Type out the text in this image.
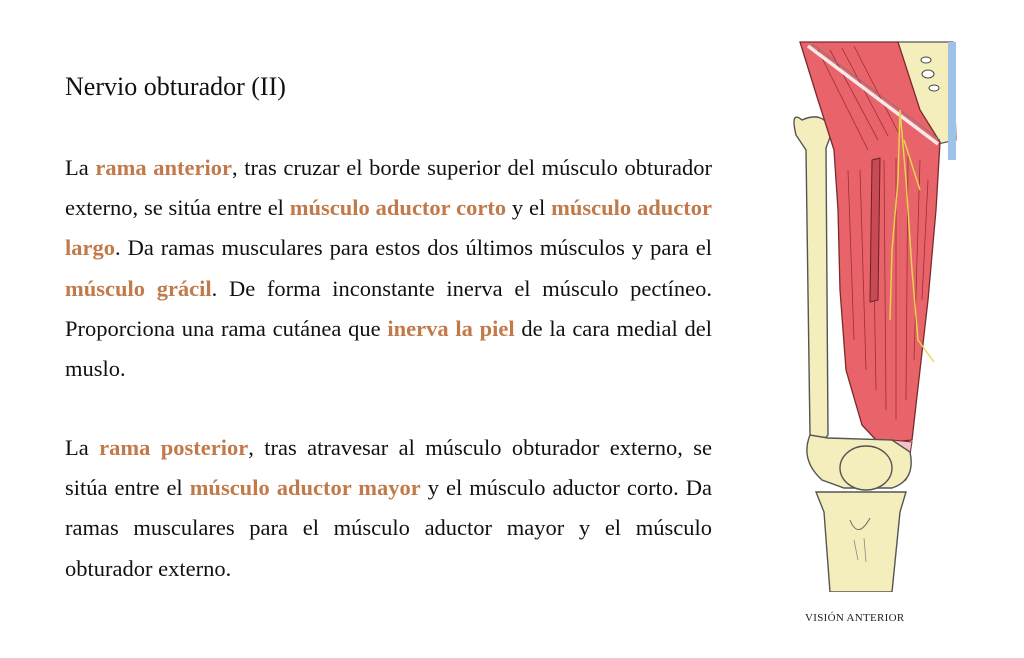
Nervio obturador (II)

La rama anterior, tras cruzar el borde superior del músculo obturador externo, se sitúa entre el músculo aductor corto y el músculo aductor largo. Da ramas musculares para estos dos últimos músculos y para el músculo grácil. De forma inconstante inerva el músculo pectíneo. Proporciona una rama cutánea que inerva la piel de la cara medial del muslo.

La rama posterior, tras atravesar al músculo obturador externo, se sitúa entre el músculo aductor mayor y el músculo aductor corto. Da ramas musculares para el músculo aductor mayor y el músculo obturador externo.

VISIÓN ANTERIOR
